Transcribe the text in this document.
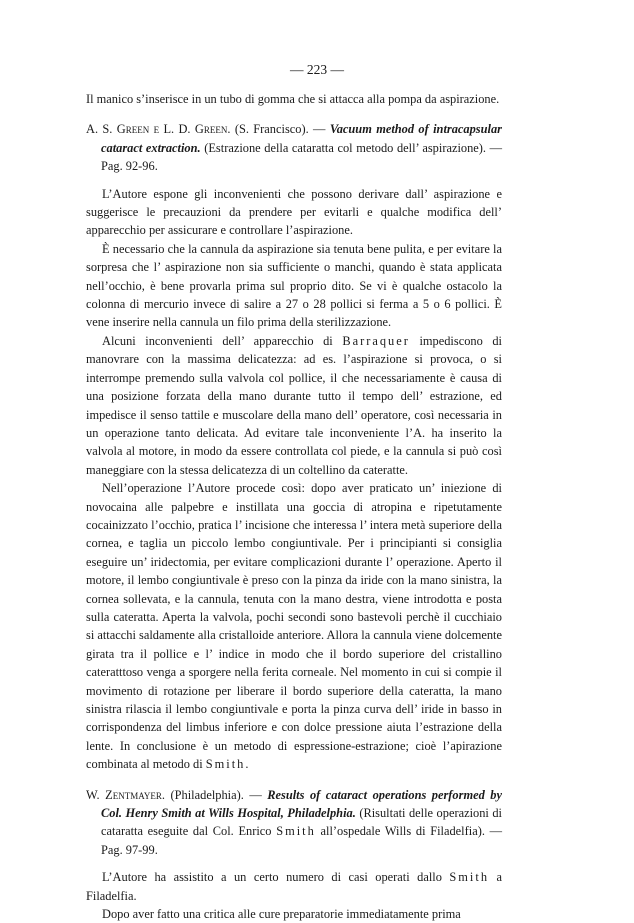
— 223 —

Il manico s’inserisce in un tubo di gomma che si attacca alla pompa da aspirazione.

A. S. Green e L. D. Green. (S. Francisco). — Vacuum method of intracapsular cataract extraction. (Estrazione della cataratta col metodo dell’ aspirazione). — Pag. 92-96.

L’Autore espone gli inconvenienti che possono derivare dall’ aspirazione e suggerisce le precauzioni da prendere per evitarli e qualche modifica dell’ apparecchio per assicurare e controllare l’aspirazione.

È necessario che la cannula da aspirazione sia tenuta bene pulita, e per evitare la sorpresa che l’ aspirazione non sia sufficiente o manchi, quando è stata applicata nell’occhio, è bene provarla prima sul proprio dito. Se vi è qualche ostacolo la colonna di mercurio invece di salire a 27 o 28 pollici si ferma a 5 o 6 pollici. È vene inserire nella cannula un filo prima della sterilizzazione.

Alcuni inconvenienti dell’ apparecchio di Barraquer impediscono di manovrare con la massima delicatezza: ad es. l’aspirazione si provoca, o si interrompe premendo sulla valvola col pollice, il che necessariamente è causa di una posizione forzata della mano durante tutto il tempo dell’ estrazione, ed impedisce il senso tattile e muscolare della mano dell’ operatore, così necessaria in un operazione tanto delicata. Ad evitare tale inconveniente l’A. ha inserito la valvola al motore, in modo da essere controllata col piede, e la cannula si può così maneggiare con la stessa delicatezza di un coltellino da cateratte.

Nell’operazione l’Autore procede così: dopo aver praticato un’ iniezione di novocaina alle palpebre e instillata una goccia di atropina e ripetutamente cocainizzato l’occhio, pratica l’ incisione che interessa l’ intera metà superiore della cornea, e taglia un piccolo lembo congiuntivale. Per i principianti si consiglia eseguire un’ iridectomia, per evitare complicazioni durante l’ operazione. Aperto il motore, il lembo congiuntivale è preso con la pinza da iride con la mano sinistra, la cornea sollevata, e la cannula, tenuta con la mano destra, viene introdotta e posta sulla cateratta. Aperta la valvola, pochi secondi sono bastevoli perchè il cucchiaio si attacchi saldamente alla cristalloide anteriore. Allora la cannula viene dolcemente girata tra il pollice e l’ indice in modo che il bordo superiore del cristallino cateratttoso venga a sporgere nella ferita corneale. Nel momento in cui si compie il movimento di rotazione per liberare il bordo superiore della cateratta, la mano sinistra rilascia il lembo congiuntivale e porta la pinza curva dell’ iride in basso in corrispondenza del limbus inferiore e con dolce pressione aiuta l’estrazione della lente. In conclusione è un metodo di espressione-estrazione; cioè l’apirazione combinata al metodo di Smith.

W. Zentmayer. (Philadelphia). — Results of cataract operations performed by Col. Henry Smith at Wills Hospital, Philadelphia. (Risultati delle operazioni di cataratta eseguite dal Col. Enrico Smith all’ospedale Wills di Filadelfia). — Pag. 97-99.

L’Autore ha assistito a un certo numero di casi operati dallo Smith a Filadelfia.

Dopo aver fatto una critica alle cure preparatorie immediatamente prima
